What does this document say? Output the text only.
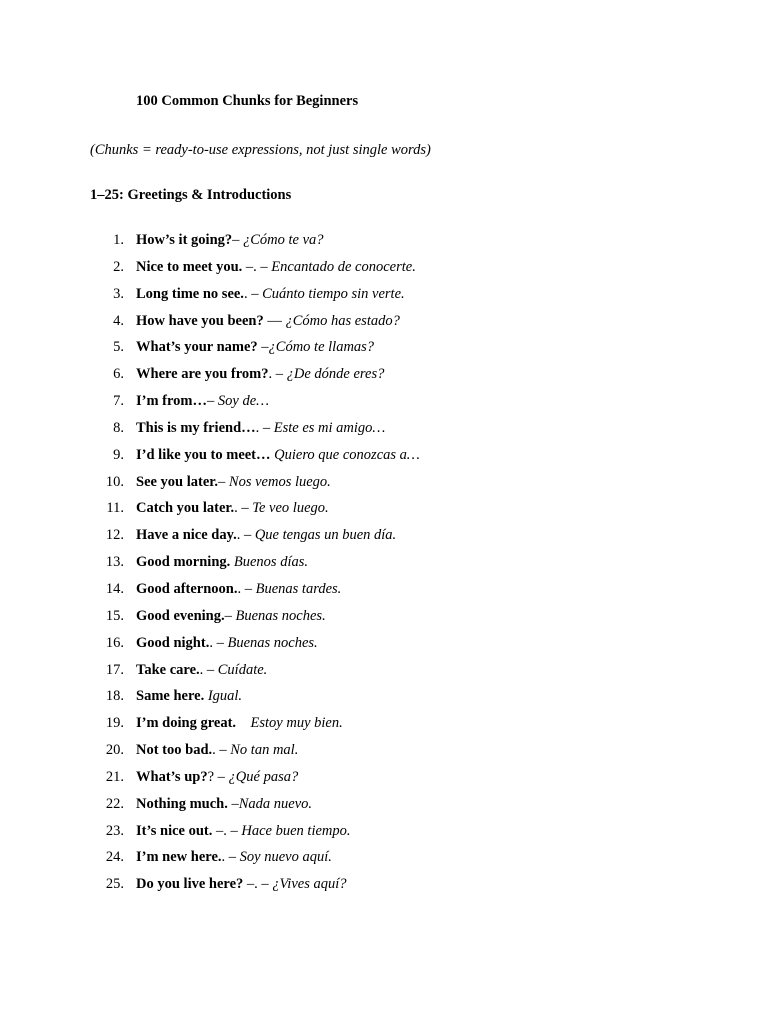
100 Common Chunks for Beginners
(Chunks = ready-to-use expressions, not just single words)
1–25: Greetings & Introductions
1. How’s it going?– ¿Cómo te va?
2. Nice to meet you. –. – Encantado de conocerte.
3. Long time no see.. – Cuánto tiempo sin verte.
4. How have you been? — ¿Cómo has estado?
5. What’s your name? –¿Cómo te llamas?
6. Where are you from?. – ¿De dónde eres?
7. I’m from…– Soy de…
8. This is my friend…. – Este es mi amigo…
9. I’d like you to meet… Quiero que conozcas a…
10. See you later.– Nos vemos luego.
11. Catch you later.. – Te veo luego.
12. Have a nice day.. – Que tengas un buen día.
13. Good morning. Buenos días.
14. Good afternoon.. – Buenas tardes.
15. Good evening.– Buenas noches.
16. Good night.. – Buenas noches.
17. Take care.. – Cuídate.
18. Same here. Igual.
19. I’m doing great. Estoy muy bien.
20. Not too bad.. – No tan mal.
21. What’s up?? – ¿Qué pasa?
22. Nothing much. –Nada nuevo.
23. It’s nice out. –. – Hace buen tiempo.
24. I’m new here.. – Soy nuevo aquí.
25. Do you live here? –. – ¿Vives aquí?
